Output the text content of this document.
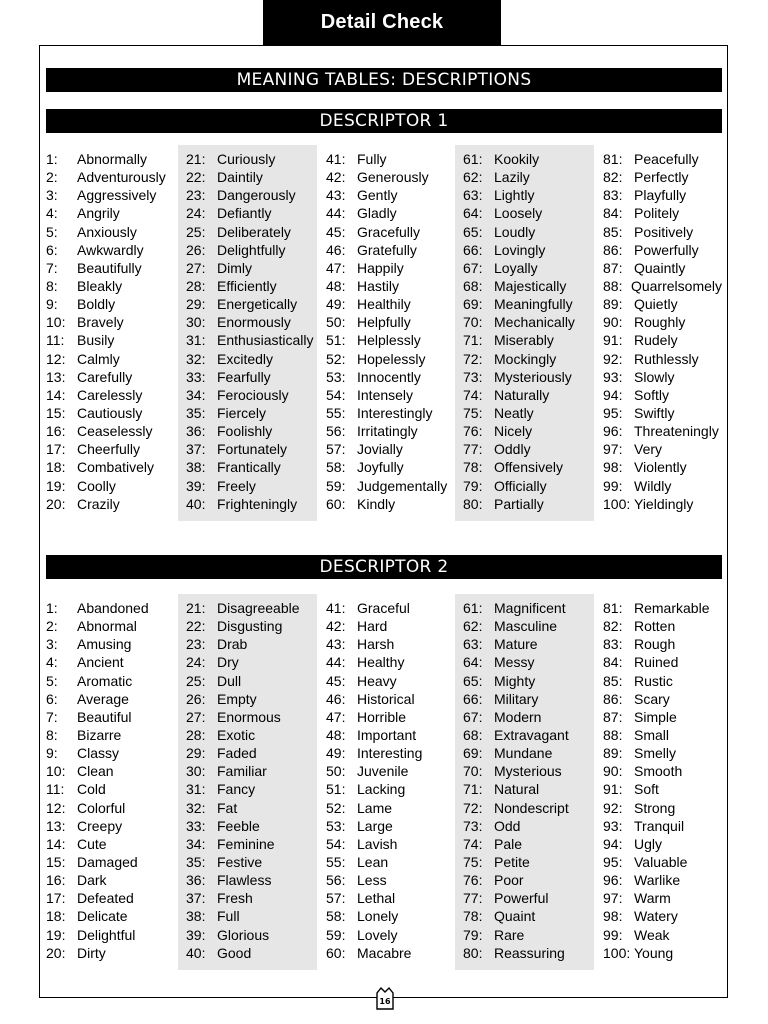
Detail Check
MEANING TABLES: DESCRIPTIONS
DESCRIPTOR 1
1:	Abnormally
2:	Adventurously
3:	Aggressively
4:	Angrily
5:	Anxiously
6:	Awkwardly
7:	Beautifully
8:	Bleakly
9:	Boldly
10: Bravely
11: Busily
12: Calmly
13: Carefully
14: Carelessly
15: Cautiously
16: Ceaselessly
17: Cheerfully
18: Combatively
19: Coolly
20: Crazily
21: Curiously
22: Daintily
23: Dangerously
24: Defiantly
25: Deliberately
26: Delightfully
27: Dimly
28: Efficiently
29: Energetically
30: Enormously
31: Enthusiastically
32: Excitedly
33: Fearfully
34: Ferociously
35: Fiercely
36: Foolishly
37: Fortunately
38: Frantically
39: Freely
40: Frighteningly
41: Fully
42: Generously
43: Gently
44: Gladly
45: Gracefully
46: Gratefully
47: Happily
48: Hastily
49: Healthily
50: Helpfully
51: Helplessly
52: Hopelessly
53: Innocently
54: Intensely
55: Interestingly
56: Irritatingly
57: Jovially
58: Joyfully
59: Judgementally
60: Kindly
61: Kookily
62: Lazily
63: Lightly
64: Loosely
65: Loudly
66: Lovingly
67: Loyally
68: Majestically
69: Meaningfully
70: Mechanically
71: Miserably
72: Mockingly
73: Mysteriously
74: Naturally
75: Neatly
76: Nicely
77: Oddly
78: Offensively
79: Officially
80: Partially
81: Peacefully
82: Perfectly
83: Playfully
84: Politely
85: Positively
86: Powerfully
87: Quaintly
88: Quarrelsomely
89: Quietly
90: Roughly
91: Rudely
92: Ruthlessly
93: Slowly
94: Softly
95: Swiftly
96: Threateningly
97: Very
98: Violently
99: Wildly
100: Yieldingly
DESCRIPTOR 2
1:	Abandoned
2:	Abnormal
3:	Amusing
4:	Ancient
5:	Aromatic
6:	Average
7:	Beautiful
8:	Bizarre
9:	Classy
10: Clean
11: Cold
12: Colorful
13: Creepy
14: Cute
15: Damaged
16: Dark
17: Defeated
18: Delicate
19: Delightful
20: Dirty
21: Disagreeable
22: Disgusting
23: Drab
24: Dry
25: Dull
26: Empty
27: Enormous
28: Exotic
29: Faded
30: Familiar
31: Fancy
32: Fat
33: Feeble
34: Feminine
35: Festive
36: Flawless
37: Fresh
38: Full
39: Glorious
40: Good
41: Graceful
42: Hard
43: Harsh
44: Healthy
45: Heavy
46: Historical
47: Horrible
48: Important
49: Interesting
50: Juvenile
51: Lacking
52: Lame
53: Large
54: Lavish
55: Lean
56: Less
57: Lethal
58: Lonely
59: Lovely
60: Macabre
61: Magnificent
62: Masculine
63: Mature
64: Messy
65: Mighty
66: Military
67: Modern
68: Extravagant
69: Mundane
70: Mysterious
71: Natural
72: Nondescript
73: Odd
74: Pale
75: Petite
76: Poor
77: Powerful
78: Quaint
79: Rare
80: Reassuring
81: Remarkable
82: Rotten
83: Rough
84: Ruined
85: Rustic
86: Scary
87: Simple
88: Small
89: Smelly
90: Smooth
91: Soft
92: Strong
93: Tranquil
94: Ugly
95: Valuable
96: Warlike
97: Warm
98: Watery
99: Weak
100: Young
16
